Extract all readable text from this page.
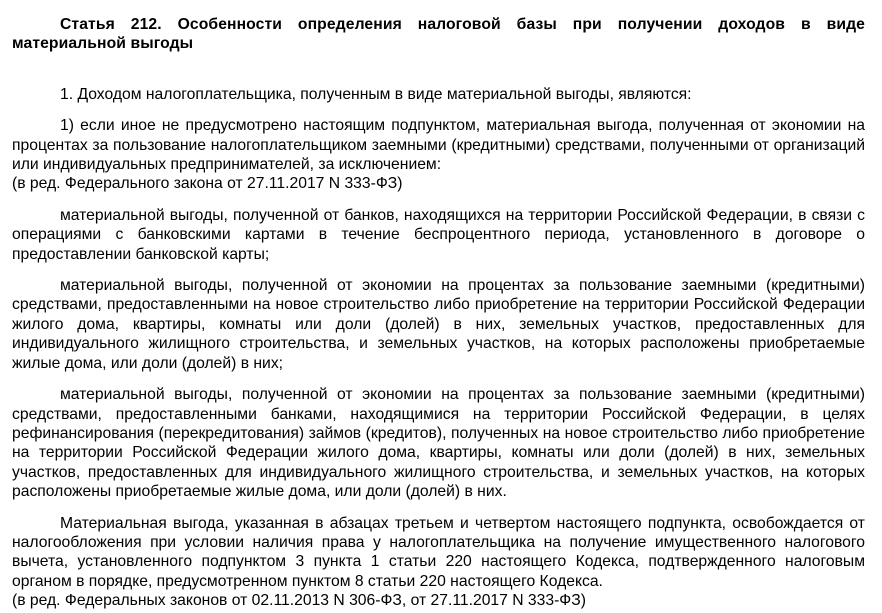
Статья 212. Особенности определения налоговой базы при получении доходов в виде материальной выгоды
1. Доходом налогоплательщика, полученным в виде материальной выгоды, являются:
1) если иное не предусмотрено настоящим подпунктом, материальная выгода, полученная от экономии на процентах за пользование налогоплательщиком заемными (кредитными) средствами, полученными от организаций или индивидуальных предпринимателей, за исключением:
(в ред. Федерального закона от 27.11.2017 N 333-ФЗ)
материальной выгоды, полученной от банков, находящихся на территории Российской Федерации, в связи с операциями с банковскими картами в течение беспроцентного периода, установленного в договоре о предоставлении банковской карты;
материальной выгоды, полученной от экономии на процентах за пользование заемными (кредитными) средствами, предоставленными на новое строительство либо приобретение на территории Российской Федерации жилого дома, квартиры, комнаты или доли (долей) в них, земельных участков, предоставленных для индивидуального жилищного строительства, и земельных участков, на которых расположены приобретаемые жилые дома, или доли (долей) в них;
материальной выгоды, полученной от экономии на процентах за пользование заемными (кредитными) средствами, предоставленными банками, находящимися на территории Российской Федерации, в целях рефинансирования (перекредитования) займов (кредитов), полученных на новое строительство либо приобретение на территории Российской Федерации жилого дома, квартиры, комнаты или доли (долей) в них, земельных участков, предоставленных для индивидуального жилищного строительства, и земельных участков, на которых расположены приобретаемые жилые дома, или доли (долей) в них.
Материальная выгода, указанная в абзацах третьем и четвертом настоящего подпункта, освобождается от налогообложения при условии наличия права у налогоплательщика на получение имущественного налогового вычета, установленного подпунктом 3 пункта 1 статьи 220 настоящего Кодекса, подтвержденного налоговым органом в порядке, предусмотренном пунктом 8 статьи 220 настоящего Кодекса.
(в ред. Федеральных законов от 02.11.2013 N 306-ФЗ, от 27.11.2017 N 333-ФЗ)
